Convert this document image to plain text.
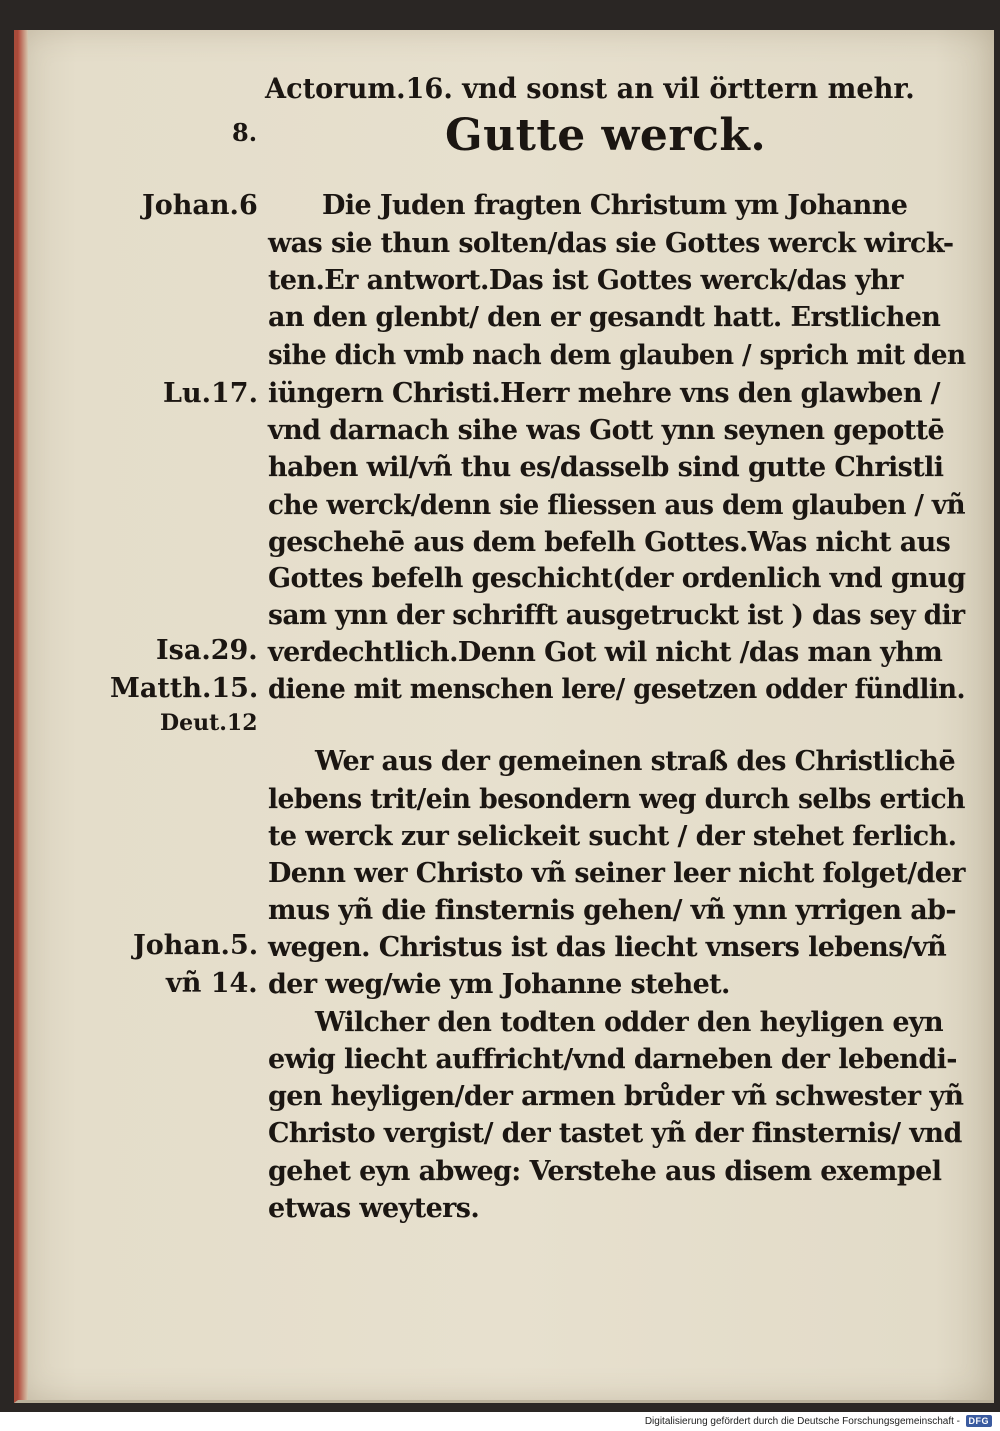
Actorum.16. vnd sonst an vil örttern mehr.
8.	Gutte werck.
Johan.6
Lu.17.
Isa.29.
Matth.15.
Deut.12
Johan.5.
vñ 14.
Die Juden fragten Christum ym Johanne
was sie thun solten/das sie Gottes werck wirck-
ten.Er antwort.Das ist Gottes werck/das yhr
an den glenbt/ den er gesandt hatt. Erstlichen
sihe dich vmb nach dem glauben / sprich mit den
iüngern Christi.Herr mehre vns den glawben /
vnd darnach sihe was Gott ynn seynen gepottē
haben wil/vñ thu es/dasselb sind gutte Christli
che werck/denn sie fliessen aus dem glauben / vñ
geschehē aus dem befelh Gottes.Was nicht aus
Gottes befelh geschicht(der ordenlich vnd gnug
sam ynn der schrifft ausgetruckt ist ) das sey dir
verdechtlich.Denn Got wil nicht /das man yhm
diene mit menschen lere/ gesetzen odder fündlin.
Wer aus der gemeinen straß des Christlichē
lebens trit/ein besondern weg durch selbs ertich
te werck zur selickeit sucht / der stehet ferlich.
Denn wer Christo vñ seiner leer nicht folget/der
mus yñ die finsternis gehen/ vñ ynn yrrigen ab-
wegen. Christus ist das liecht vnsers lebens/vñ
der weg/wie ym Johanne stehet.
Wilcher den todten odder den heyligen eyn
ewig liecht auffricht/vnd darneben der lebendi-
gen heyligen/der armen brůder vñ schwester yñ
Christo vergist/ der tastet yñ der finsternis/ vnd
gehet eyn abweg: Verstehe aus disem exempel
etwas weyters.
Digitalisierung gefördert durch die Deutsche Forschungsgemeinschaft - DFG
